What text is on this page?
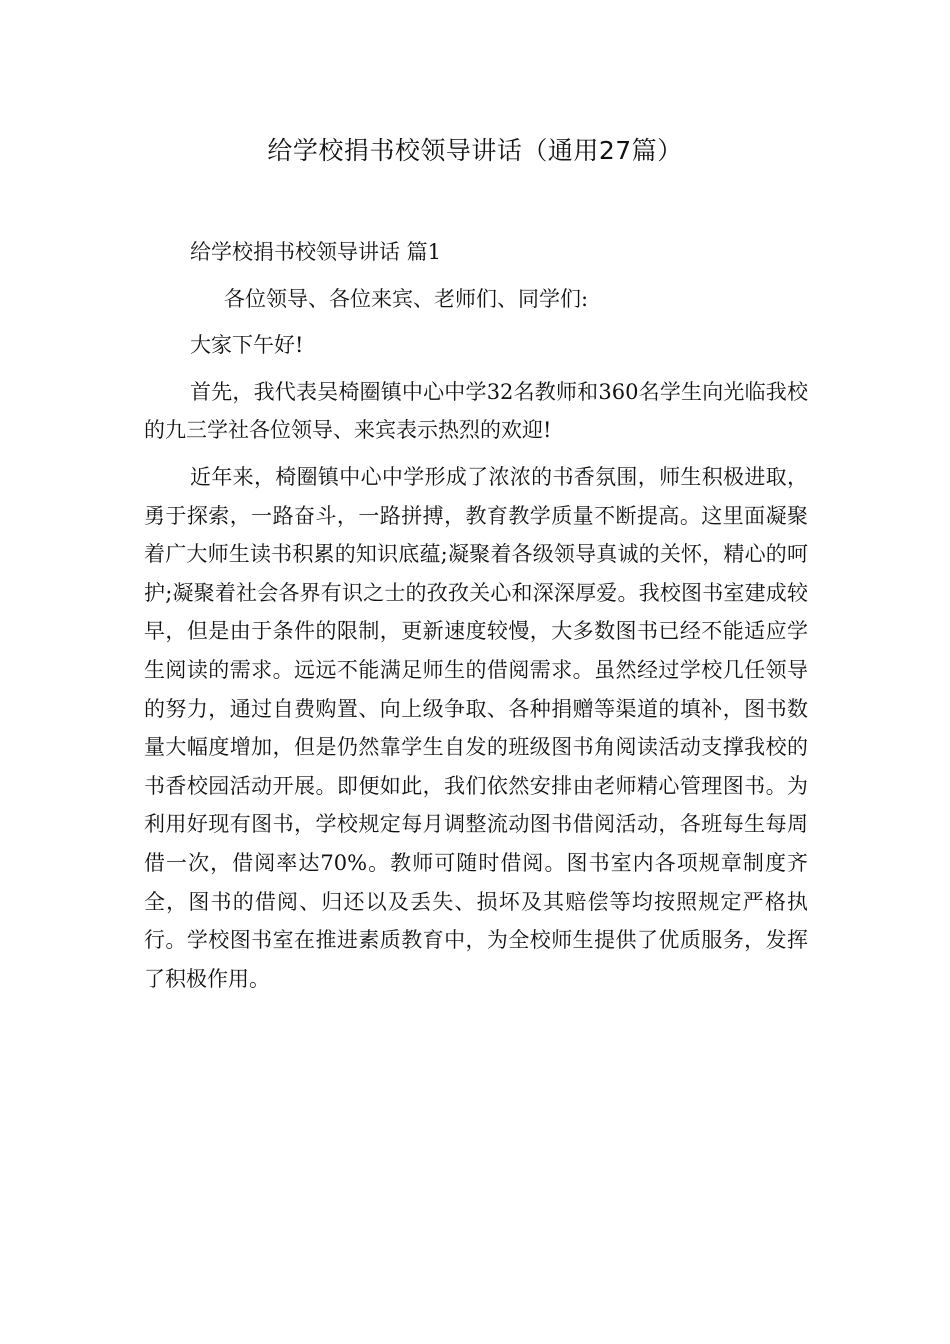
给学校捐书校领导讲话（通用27篇）

给学校捐书校领导讲话 篇1

各位领导、各位来宾、老师们、同学们:

大家下午好!

首先，我代表吴椅圈镇中心中学32名教师和360名学生向光临我校的九三学社各位领导、来宾表示热烈的欢迎!

近年来，椅圈镇中心中学形成了浓浓的书香氛围，师生积极进取，勇于探索，一路奋斗，一路拼搏，教育教学质量不断提高。这里面凝聚着广大师生读书积累的知识底蕴;凝聚着各级领导真诚的关怀，精心的呵护;凝聚着社会各界有识之士的孜孜关心和深深厚爱。我校图书室建成较早，但是由于条件的限制，更新速度较慢，大多数图书已经不能适应学生阅读的需求。远远不能满足师生的借阅需求。虽然经过学校几任领导的努力，通过自费购置、向上级争取、各种捐赠等渠道的填补，图书数量大幅度增加，但是仍然靠学生自发的班级图书角阅读活动支撑我校的书香校园活动开展。即便如此，我们依然安排由老师精心管理图书。为利用好现有图书，学校规定每月调整流动图书借阅活动，各班每生每周借一次，借阅率达70%。教师可随时借阅。图书室内各项规章制度齐全，图书的借阅、归还以及丢失、损坏及其赔偿等均按照规定严格执行。学校图书室在推进素质教育中，为全校师生提供了优质服务，发挥了积极作用。
